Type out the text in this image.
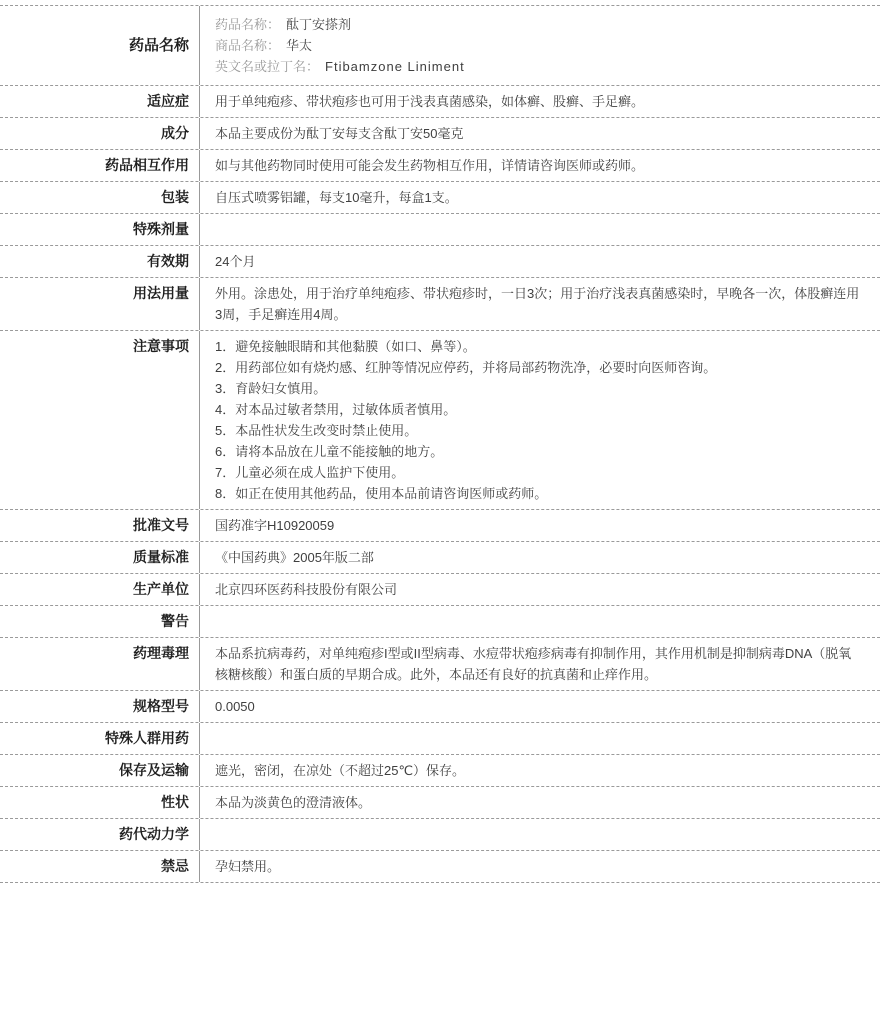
药品名称
药品名称： 酞丁安搽剂
商品名称： 华太
英文名或拉丁名： Ftibamzone Liniment
适应症	用于单纯疱疹、带状疱疹也可用于浅表真菌感染，如体癣、股癣、手足癣。
成分	本品主要成份为酞丁安每支含酞丁安50毫克
药品相互作用	如与其他药物同时使用可能会发生药物相互作用，详情请咨询医师或药师。
包装	自压式喷雾铝罐，每支10毫升，每盒1支。
特殊剂量
有效期	24个月
用法用量	外用。涂患处，用于治疗单纯疱疹、带状疱疹时，一日3次；用于治疗浅表真菌感染时，早晚各一次，体股癣连用3周，手足癣连用4周。
注意事项	1．避免接触眼睛和其他黏膜（如口、鼻等）。
2．用药部位如有烧灼感、红肿等情况应停药，并将局部药物洗净，必要时向医师咨询。
3．育龄妇女慎用。
4．对本品过敏者禁用，过敏体质者慎用。
5．本品性状发生改变时禁止使用。
6．请将本品放在儿童不能接触的地方。
7．儿童必须在成人监护下使用。
8．如正在使用其他药品，使用本品前请咨询医师或药师。
批准文号	国药准字H10920059
质量标准	《中国药典》2005年版二部
生产单位	北京四环医药科技股份有限公司
警告
药理毒理	本品系抗病毒药，对单纯疱疹I型或II型病毒、水痘带状疱疹病毒有抑制作用，其作用机制是抑制病毒DNA（脱氧核糖核酸）和蛋白质的早期合成。此外，本品还有良好的抗真菌和止痒作用。
规格型号	0.0050
特殊人群用药
保存及运输	遮光，密闭，在凉处（不超过25℃）保存。
性状	本品为淡黄色的澄清液体。
药代动力学
禁忌	孕妇禁用。
